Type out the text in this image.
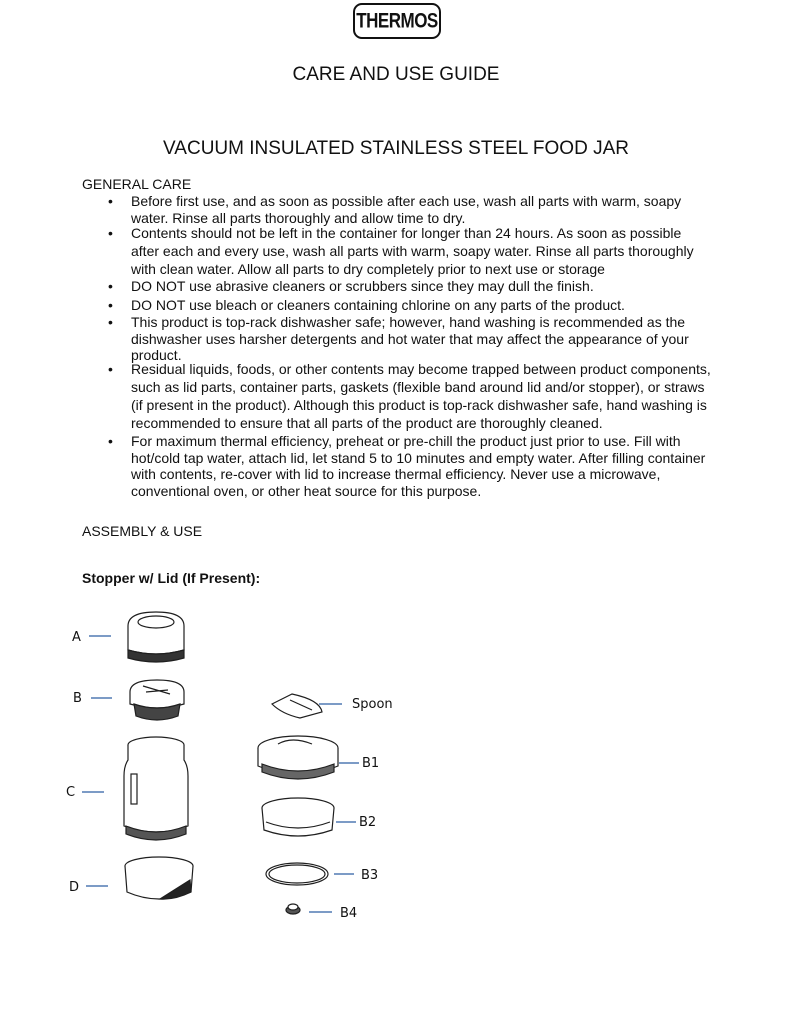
THERMOS
CARE AND USE GUIDE
VACUUM INSULATED STAINLESS STEEL FOOD JAR
GENERAL CARE
• Before first use, and as soon as possible after each use, wash all parts with warm, soapy water. Rinse all parts thoroughly and allow time to dry.
• Contents should not be left in the container for longer than 24 hours. As soon as possible after each and every use, wash all parts with warm, soapy water. Rinse all parts thoroughly with clean water. Allow all parts to dry completely prior to next use or storage
• DO NOT use abrasive cleaners or scrubbers since they may dull the finish.
• DO NOT use bleach or cleaners containing chlorine on any parts of the product.
• This product is top-rack dishwasher safe; however, hand washing is recommended as the dishwasher uses harsher detergents and hot water that may affect the appearance of your product.
• Residual liquids, foods, or other contents may become trapped between product components, such as lid parts, container parts, gaskets (flexible band around lid and/or stopper), or straws (if present in the product). Although this product is top-rack dishwasher safe, hand washing is recommended to ensure that all parts of the product are thoroughly cleaned.
• For maximum thermal efficiency, preheat or pre-chill the product just prior to use. Fill with hot/cold tap water, attach lid, let stand 5 to 10 minutes and empty water. After filling container with contents, re-cover with lid to increase thermal efficiency. Never use a microwave, conventional oven, or other heat source for this purpose.
ASSEMBLY & USE
Stopper w/ Lid (If Present):
A
B
C
D
Spoon
B1
B2
B3
B4
